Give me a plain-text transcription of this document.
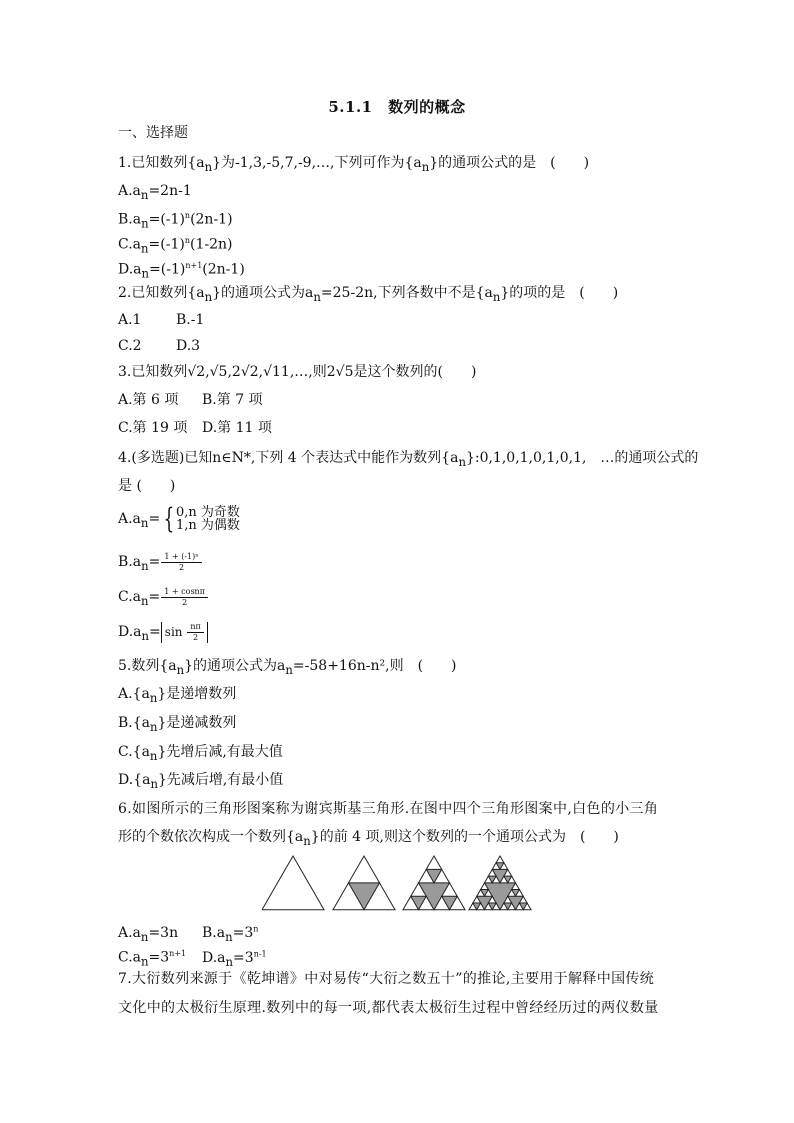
5.1.1　数列的概念
一、选择题
1.已知数列$\{a_n\}$为-1,3,-5,7,-9,…,下列可作为$\{a_n\}$的通项公式的是　(　　)
$A.a_n=2n-1$
$B.a_n=(-1)^n(2n-1)$
$C.a_n=(-1)^n(1-2n)$
$D.a_n=(-1)^{n+1}(2n-1)$
2.已知数列$\{a_n\}$的通项公式为$a_n=25-2n$,下列各数中不是$\{a_n\}$的项的是　(　　)
A.1 B.-1
C.2 D.3
3.已知数列√2,√5,2√2,√11,…,则2√5是这个数列的(　　)
A.第 6 项 B.第 7 项
C.第 19 项 D.第 11 项
4.(多选题)已知n∈N*,下列 4 个表达式中能作为数列$\{a_n\}:0,1,0,1,0,1,0,1$,　…的通项公式的
是 (　　)
$A.a_n=$ { 0,n 为奇数
1,n 为偶数
$B.a_n= \frac{\text{1 + (-1)ⁿ}}{2}$
$C.a_n= \frac{1 + \cos n\pi}{2}$
$D.a_n= \sin \frac{n\pi}{2}$
5.数列$\{a_n\}$的通项公式为$a_n=-58+16n-n^2$,则　(　　)
$A.\{a_n\}$是递增数列
$B.\{a_n\}$是递减数列
$C.\{a_n\}$先增后减,有最大值
$D.\{a_n\}$先减后增,有最小值
6.如图所示的三角形图案称为谢宾斯基三角形.在图中四个三角形图案中,白色的小三角
形的个数依次构成一个数列$\{a_n\}$的前 4 项,则这个数列的一个通项公式为　(　　)
$A.a_n=3n$ $B.a_n=3^n$
$C.a_n=3^{n+1}$ $D.a_n=3^{n-1}$
7.大衍数列来源于《乾坤谱》中对易传“大衍之数五十”的推论,主要用于解释中国传统
文化中的太极衍生原理.数列中的每一项,都代表太极衍生过程中曾经经历过的两仪数量
